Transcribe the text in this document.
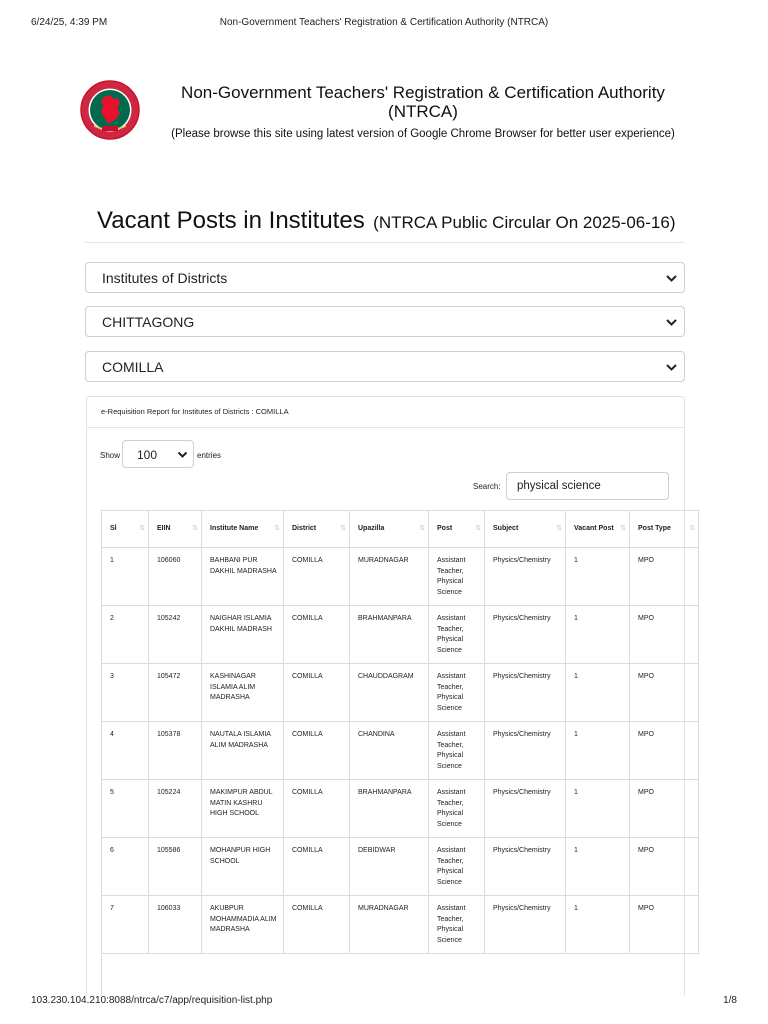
6/24/25, 4:39 PM	Non-Government Teachers' Registration & Certification Authority (NTRCA)
Non-Government Teachers' Registration & Certification Authority
(NTRCA)
(Please browse this site using latest version of Google Chrome Browser for better user experience)
Vacant Posts in Institutes (NTRCA Public Circular On 2025-06-16)
Institutes of Districts
CHITTAGONG
COMILLA
e-Requisition Report for Institutes of Districts : COMILLA
Show 100	entries
Search:
physical science
Sl ⇅	EIIN ⇅	Institute Name ⇅	District ⇅	Upazilla ⇅	Post ⇅	Subject ⇅	Vacant Post ⇅	Post Type ⇅

1	106060	BAHBANI PUR DAKHIL MADRASHA	COMILLA	MURADNAGAR	Assistant Teacher, Physical Science	Physics/Chemistry	1	MPO
2	105242	NAIGHAR ISLAMIA DAKHIL MADRASH	COMILLA	BRAHMANPARA	Assistant Teacher, Physical Science	Physics/Chemistry	1	MPO
3	105472	KASHINAGAR ISLAMIA ALIM MADRASHA	COMILLA	CHAUDDAGRAM	Assistant Teacher, Physical Science	Physics/Chemistry	1	MPO
4	105378	NAUTALA ISLAMIA ALIM MADRASHA	COMILLA	CHANDINA	Assistant Teacher, Physical Science	Physics/Chemistry	1	MPO
5	105224	MAKIMPUR ABDUL MATIN KASHRU HIGH SCHOOL	COMILLA	BRAHMANPARA	Assistant Teacher, Physical Science	Physics/Chemistry	1	MPO
6	105586	MOHANPUR HIGH SCHOOL	COMILLA	DEBIDWAR	Assistant Teacher, Physical Science	Physics/Chemistry	1	MPO
7	106033	AKUBPUR MOHAMMADIA ALIM MADRASHA	COMILLA	MURADNAGAR	Assistant Teacher, Physical Science	Physics/Chemistry	1	MPO
103.230.104.210:8088/ntrca/c7/app/requisition-list.php	1/8
